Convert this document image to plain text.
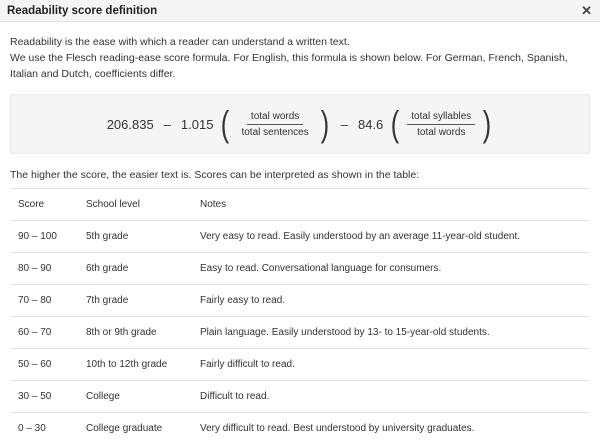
Readability score definition	✕

Readability is the ease with which a reader can understand a written text.

We use the Flesch reading-ease score formula. For English, this formula is shown below. For German, French, Spanish, Italian and Dutch, coefficients differ.

206.835 – 1.015 ( $\frac{\text{total words}}{\text{total sentences}}$ ) – 84.6 ( $\frac{\text{total syllables}}{\text{total words}}$ )

The higher the score, the easier text is. Scores can be interpreted as shown in the table:

Score	School level	Notes
90 – 100	5th grade	Very easy to read. Easily understood by an average 11-year-old student.
80 – 90	6th grade	Easy to read. Conversational language for consumers.
70 – 80	7th grade	Fairly easy to read.
60 – 70	8th or 9th grade	Plain language. Easily understood by 13- to 15-year-old students.
50 – 60	10th to 12th grade	Fairly difficult to read.
30 – 50	College	Difficult to read.
0 – 30	College graduate	Very difficult to read. Best understood by university graduates.
